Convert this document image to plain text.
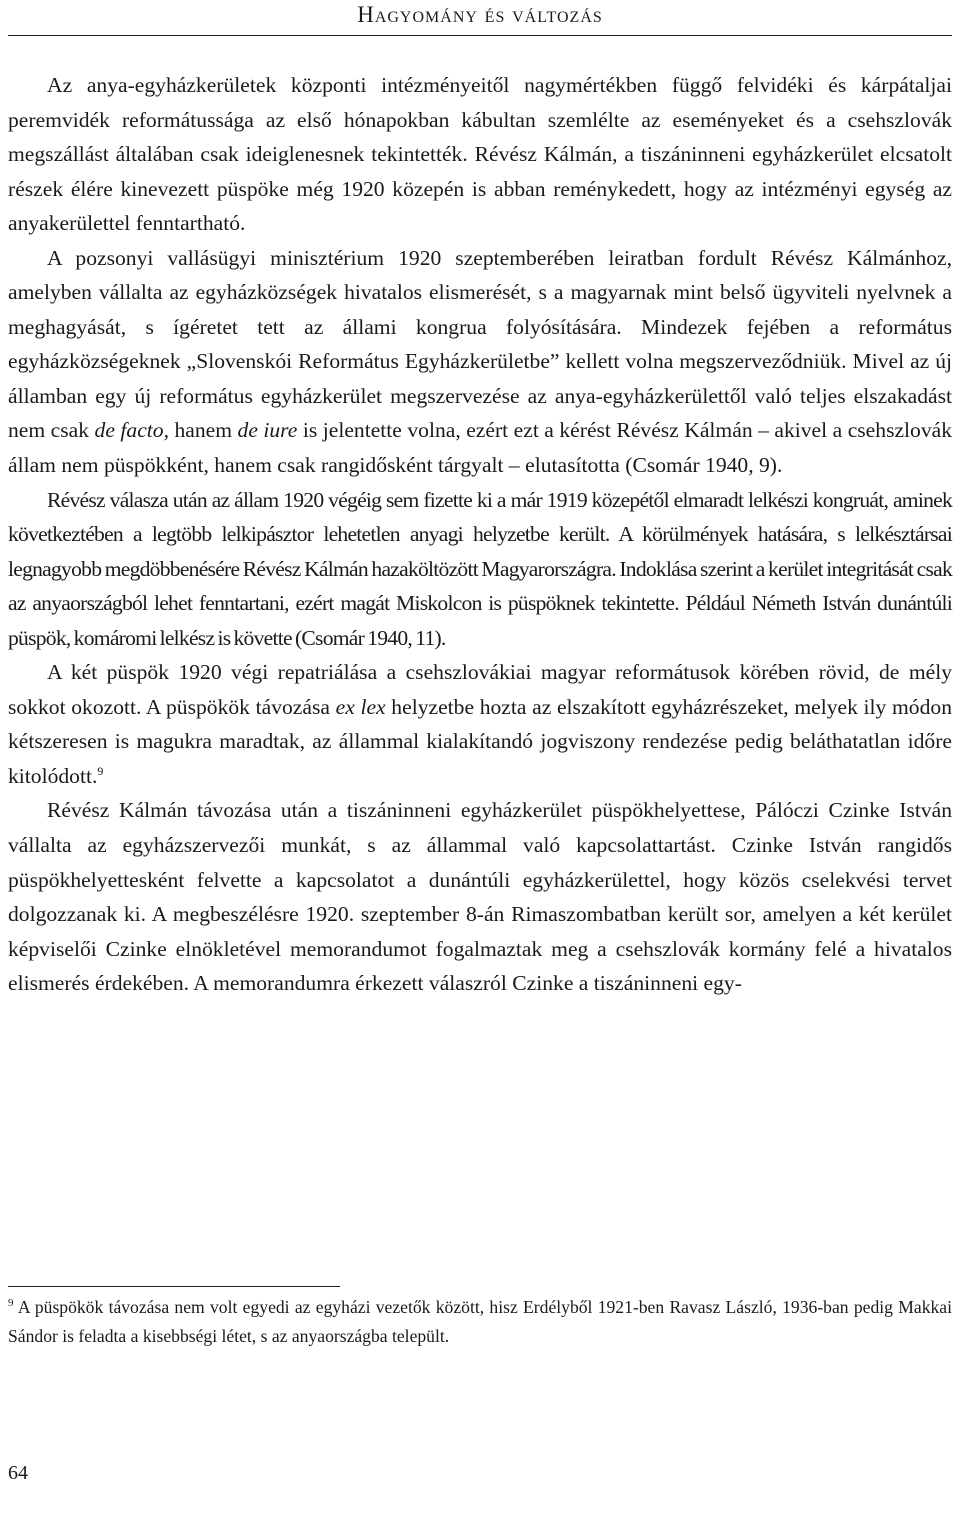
Hagyomány és változás

Az anya-egyházkerületek központi intézményeitől nagymértékben függő felvidéki és kárpátaljai peremvidék reformátussága az első hónapokban kábultan szemlélte az eseményeket és a csehszlovák megszállást általában csak ideiglenesnek tekintették. Révész Kálmán, a tiszáninneni egyházkerület elcsatolt részek élére kinevezett püspöke még 1920 közepén is abban reménykedett, hogy az intézményi egység az anyakerülettel fenntartható.

A pozsonyi vallásügyi minisztérium 1920 szeptemberében leiratban fordult Révész Kálmánhoz, amelyben vállalta az egyházközségek hivatalos elismerését, s a magyarnak mint belső ügyviteli nyelvnek a meghagyását, s ígéretet tett az állami kongrua folyósítására. Mindezek fejében a református egyházközségeknek „Slovenskói Református Egyházkerületbe” kellett volna megszerveződniük. Mivel az új államban egy új református egyházkerület megszervezése az anya-egyházkerülettől való teljes elszakadást nem csak de facto, hanem de iure is jelentette volna, ezért ezt a kérést Révész Kálmán – akivel a csehszlovák állam nem püspökként, hanem csak rangidősként tárgyalt – elutasította (Csomár 1940, 9).

Révész válasza után az állam 1920 végéig sem fizette ki a már 1919 közepétől elmaradt lelkészi kongruát, aminek következtében a legtöbb lelkipásztor lehetetlen anyagi helyzetbe került. A körülmények hatására, s lelkésztársai legnagyobb megdöbbenésére Révész Kálmán hazaköltözött Magyarországra. Indoklása szerint a kerület integritását csak az anyaországból lehet fenntartani, ezért magát Miskolcon is püspöknek tekintette. Például Németh István dunántúli püspök, komáromi lelkész is követte (Csomár 1940, 11).

A két püspök 1920 végi repatriálása a csehszlovákiai magyar reformátusok körében rövid, de mély sokkot okozott. A püspökök távozása ex lex helyzetbe hozta az elszakított egyházrészeket, melyek ily módon kétszeresen is magukra maradtak, az állammal kialakítandó jogviszony rendezése pedig beláthatatlan időre kitolódott.$^9$

Révész Kálmán távozása után a tiszáninneni egyházkerület püspökhelyettese, Pálóczi Czinke István vállalta az egyházszervezői munkát, s az állammal való kapcsolattartást. Czinke István rangidős püspökhelyettesként felvette a kapcsolatot a dunántúli egyházkerülettel, hogy közös cselekvési tervet dolgozzanak ki. A megbeszélésre 1920. szeptember 8-án Rimaszombatban került sor, amelyen a két kerület képviselői Czinke elnökletével memorandumot fogalmaztak meg a csehszlovák kormány felé a hivatalos elismerés érdekében. A memorandumra érkezett válaszról Czinke a tiszáninneni egy-

$^9$ A püspökök távozása nem volt egyedi az egyházi vezetők között, hisz Erdélyből 1921-ben Ravasz László, 1936-ban pedig Makkai Sándor is feladta a kisebbségi létet, s az anyaországba települt.

64
